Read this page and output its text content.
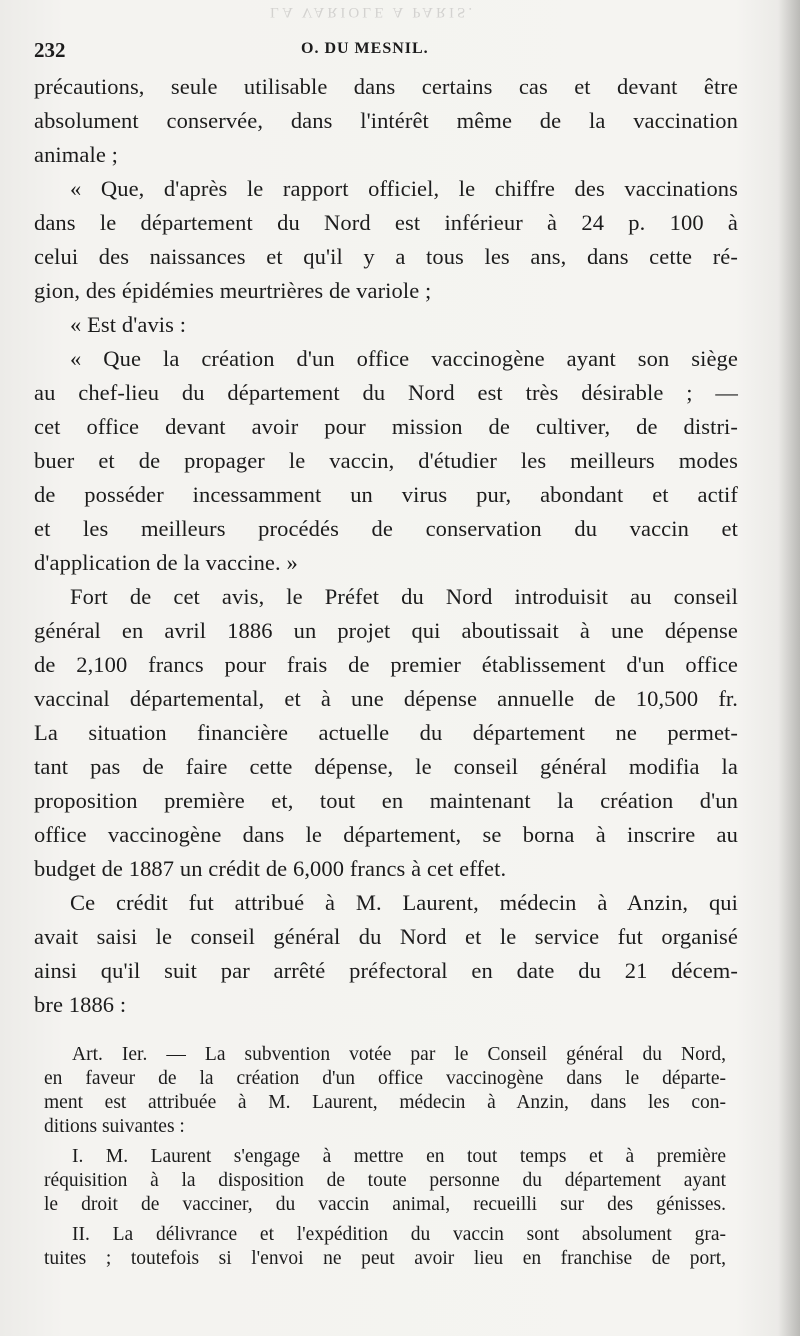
LA VARIOLE A PARIS.
232	O. DU MESNIL.
précautions, seule utilisable dans certains cas et devant être
absolument conservée, dans l'intérêt même de la vaccination
animale ;
« Que, d'après le rapport officiel, le chiffre des vaccinations
dans le département du Nord est inférieur à 24 p. 100 à
celui des naissances et qu'il y a tous les ans, dans cette ré-
gion, des épidémies meurtrières de variole ;
« Est d'avis :
« Que la création d'un office vaccinogène ayant son siège
au chef-lieu du département du Nord est très désirable ; —
cet office devant avoir pour mission de cultiver, de distri-
buer et de propager le vaccin, d'étudier les meilleurs modes
de posséder incessamment un virus pur, abondant et actif
et les meilleurs procédés de conservation du vaccin et
d'application de la vaccine. »
Fort de cet avis, le Préfet du Nord introduisit au conseil
général en avril 1886 un projet qui aboutissait à une dépense
de 2,100 francs pour frais de premier établissement d'un office
vaccinal départemental, et à une dépense annuelle de 10,500 fr.
La situation financière actuelle du département ne permet-
tant pas de faire cette dépense, le conseil général modifia la
proposition première et, tout en maintenant la création d'un
office vaccinogène dans le département, se borna à inscrire au
budget de 1887 un crédit de 6,000 francs à cet effet.
Ce crédit fut attribué à M. Laurent, médecin à Anzin, qui
avait saisi le conseil général du Nord et le service fut organisé
ainsi qu'il suit par arrêté préfectoral en date du 21 décem-
bre 1886 :
Art. Ier. — La subvention votée par le Conseil général du Nord,
en faveur de la création d'un office vaccinogène dans le départe-
ment est attribuée à M. Laurent, médecin à Anzin, dans les con-
ditions suivantes :
I. M. Laurent s'engage à mettre en tout temps et à première
réquisition à la disposition de toute personne du département ayant
le droit de vacciner, du vaccin animal, recueilli sur des génisses.
II. La délivrance et l'expédition du vaccin sont absolument gra-
tuites ; toutefois si l'envoi ne peut avoir lieu en franchise de port,
